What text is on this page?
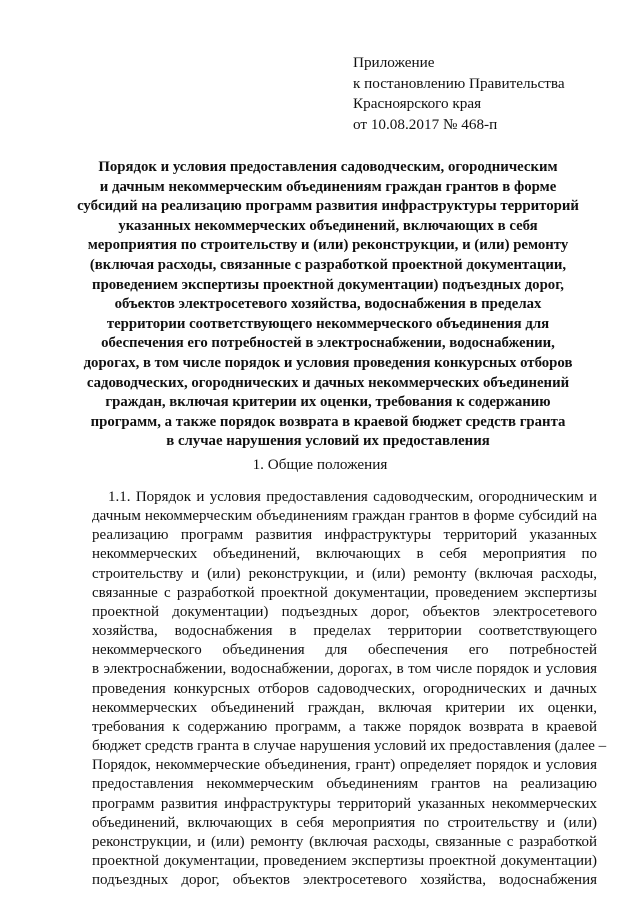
Приложение
к постановлению Правительства
Красноярского края
от 10.08.2017 № 468-п
Порядок и условия предоставления садоводческим, огородническим
и дачным некоммерческим объединениям граждан грантов в форме
субсидий на реализацию программ развития инфраструктуры территорий
указанных некоммерческих объединений, включающих в себя
мероприятия по строительству и (или) реконструкции, и (или) ремонту
(включая расходы, связанные с разработкой проектной документации,
проведением экспертизы проектной документации) подъездных дорог,
объектов электросетевого хозяйства, водоснабжения в пределах
территории соответствующего некоммерческого объединения для
обеспечения его потребностей в электроснабжении, водоснабжении,
дорогах, в том числе порядок и условия проведения конкурсных отборов
садоводческих, огороднических и дачных некоммерческих объединений
граждан, включая критерии их оценки, требования к содержанию
программ, а также порядок возврата в краевой бюджет средств гранта
в случае нарушения условий их предоставления
1. Общие положения
1.1. Порядок и условия предоставления садоводческим, огородническим и
дачным некоммерческим объединениям граждан грантов в форме субсидий на
реализацию программ развития инфраструктуры территорий указанных
некоммерческих объединений, включающих в себя мероприятия по
строительству и (или) реконструкции, и (или) ремонту (включая расходы,
связанные с разработкой проектной документации, проведением экспертизы
проектной документации) подъездных дорог, объектов электросетевого
хозяйства, водоснабжения в пределах территории соответствующего
некоммерческого объединения для обеспечения его потребностей
в электроснабжении, водоснабжении, дорогах, в том числе порядок и условия
проведения конкурсных отборов садоводческих, огороднических и дачных
некоммерческих объединений граждан, включая критерии их оценки,
требования к содержанию программ, а также порядок возврата в краевой
бюджет средств гранта в случае нарушения условий их предоставления (далее –
Порядок, некоммерческие объединения, грант) определяет порядок и условия
предоставления некоммерческим объединениям грантов на реализацию
программ развития инфраструктуры территорий указанных некоммерческих
объединений, включающих в себя мероприятия по строительству и (или)
реконструкции, и (или) ремонту (включая расходы, связанные с разработкой
проектной документации, проведением экспертизы проектной документации)
подъездных дорог, объектов электросетевого хозяйства, водоснабжения
